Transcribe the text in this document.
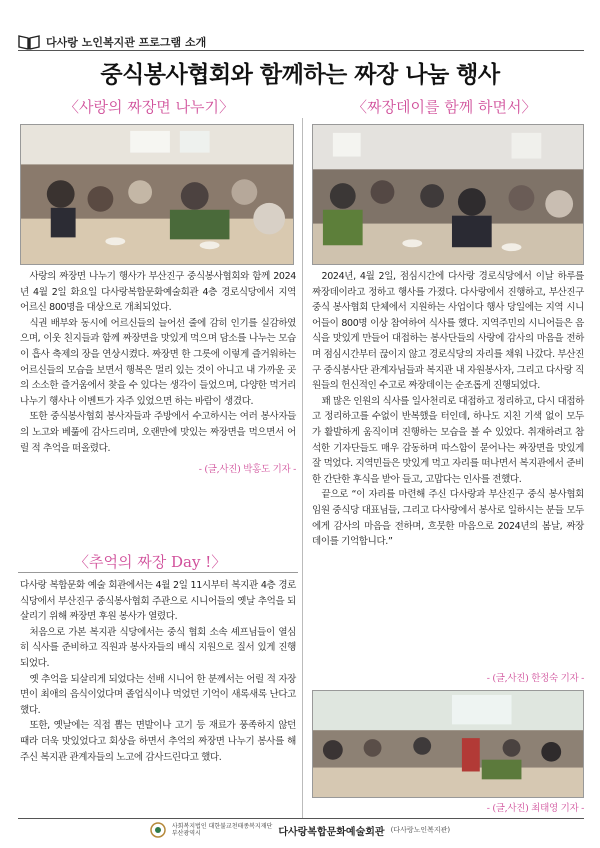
다사랑 노인복지관 프로그램 소개
중식봉사협회와 함께하는 짜장 나눔 행사
〈사랑의 짜장면 나누기〉

사랑의 짜장면 나누기 행사가 부산진구 중식봉사협회와 함께 2024년 4월 2일 화요일 다사랑복합문화예술회관 4층 경로식당에서 지역 어르신 800명을 대상으로 개최되었다.

식권 배부와 동시에 어르신들의 늘어선 줄에 감히 인기를 실감하였으며, 이웃 친지들과 함께 짜장면을 맛있게 먹으며 담소를 나누는 모습이 흡사 축제의 장을 연상시켰다. 짜장면 한 그릇에 이렇게 즐거워하는 어르신들의 모습을 보면서 행복은 멀리 있는 것이 아니고 내 가까운 곳의 소소한 즐거움에서 찾을 수 있다는 생각이 들었으며, 다양한 먹거리 나누기 행사나 이벤트가 자주 있었으면 하는 바람이 생겼다.

또한 중식봉사협회 봉사자들과 주방에서 수고하시는 여러 봉사자들의 노고와 베풂에 감사드리며, 오랜만에 맛있는 짜장면을 먹으면서 어릴 적 추억을 떠올렸다.

- (글,사진) 박홍도 기자 -
〈추억의 짜장 Day !〉

다사랑 복합문화 예술 회관에서는 4월 2일 11시부터 복지관 4층 경로식당에서 부산진구 중식봉사협회 주관으로 시니어들의 옛날 추억을 되살리기 위해 짜장면 후원 봉사가 열렸다.

처음으로 가본 복지관 식당에서는 중식 협회 소속 셰프님들이 열심히 식사를 준비하고 직원과 봉사자들의 배식 지원으로 질서 있게 진행되었다.

옛 추억을 되살리게 되었다는 선배 시니어 한 분께서는 어릴 적 자장면이 최애의 음식이었다며 졸업식이나 먹었던 기억이 새록새록 난다고 했다.

또한, 옛날에는 직접 뽑는 면발이나 고기 등 재료가 풍족하지 않던 때라 더욱 맛있었다고 회상을 하면서 추억의 짜장면 나누기 봉사를 해주신 복지관 관계자들의 노고에 감사드린다고 했다.

〈짜장데이를 함께 하면서〉

2024년, 4월 2일, 점심시간에 다사랑 경로식당에서 이날 하루를 짜장데이라고 정하고 행사를 가졌다. 다사랑에서 진행하고, 부산진구 중식 봉사협회 단체에서 지원하는 사업이다 행사 당일에는 지역 시니어들이 800명 이상 참여하여 식사를 했다. 지역주민의 시니어들은 음식을 맛있게 만들어 대접하는 봉사단들의 사랑에 감사의 마음을 전하며 점심시간부터 끊이지 않고 경로식당의 자리를 채워 나갔다. 부산진구 중식봉사단 관계자님들과 복지관 내 자원봉사자, 그리고 다사랑 직원들의 헌신적인 수고로 짜장데이는 순조롭게 진행되었다.

꽤 많은 인원의 식사를 일사천리로 대접하고 정리하고, 다시 대접하고 정리하고를 수없이 반복했을 터인데, 하나도 지친 기색 없이 모두가 활발하게 움직이며 진행하는 모습을 볼 수 있었다. 취재하려고 참석한 기자단들도 매우 감동하며 따스함이 묻어나는 짜장면을 맛있게 잘 먹었다. 지역민들은 맛있게 먹고 자리를 떠나면서 복지관에서 준비한 간단한 후식을 받아 들고, 고맙다는 인사를 전했다.

끝으로 “이 자리를 마련해 주신 다사랑과 부산진구 중식 봉사협회 임원 중식당 대표님들, 그리고 다사랑에서 봉사로 일하시는 분들 모두에게 감사의 마음을 전하며, 흐뭇한 마음으로 2024년의 봄날, 짜장 데이를 기억합니다.”

- (글,사진) 한정숙 기자 -
- (글,사진) 최태영 기자 -
사회복지법인 대한불교천태종복지재단
부산광역시	다사랑복합문화예술회관 (다사랑노인복지관)
